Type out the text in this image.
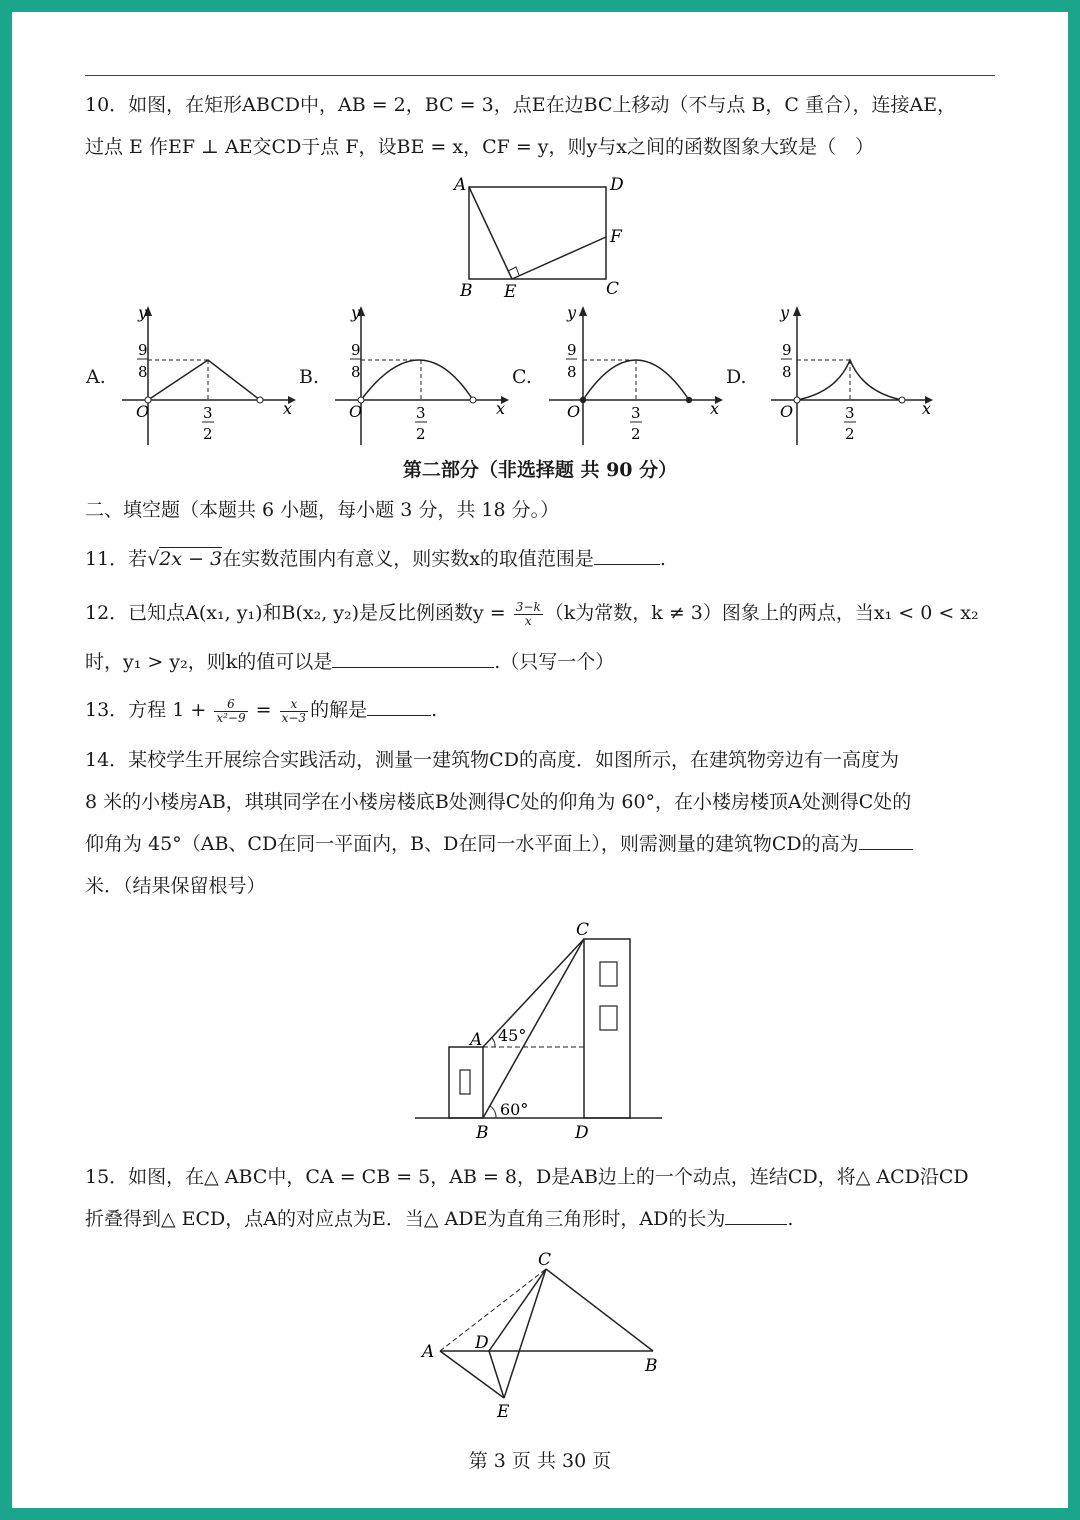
10．如图，在矩形ABCD中，AB = 2，BC = 3，点E在边BC上移动（不与点 B，C 重合），连接AE，
过点 E 作EF ⊥ AE交CD于点 F，设BE = x，CF = y，则y与x之间的函数图象大致是（　）
A	D
F
B E	C
A.	B.	C.	D.
y
x
O
9
8
3
2
y
x
O
9
8
3
2
y
x
O
9
8
3
2
y
x
O
9
8
3
2
第二部分（非选择题 共 90 分）
二、填空题（本题共 6 小题，每小题 3 分，共 18 分。）
11．若√2x − 3在实数范围内有意义，则实数x的取值范围是	.
12．已知点A(x₁, y₁)和B(x₂, y₂)是反比例函数$y = \frac{3-k}{x} (k$为常数，k ≠ 3）图象上的两点，当x₁ < 0 < x₂
时，y₁ > y₂，则k的值可以是	.（只写一个）
13．方程 $1 + \frac{6}{\text{x²−9}} = \frac{x}{x-3}$ 的解是	.
14．某校学生开展综合实践活动，测量一建筑物CD的高度．如图所示，在建筑物旁边有一高度为
8 米的小楼房AB，琪琪同学在小楼房楼底B处测得C处的仰角为 60°，在小楼房楼顶A处测得C处的
仰角为 45°（AB、CD在同一平面内，B、D在同一水平面上），则需测量的建筑物CD的高为
米．（结果保留根号）
C
A 45°
60°
B	D
15．如图，在△ ABC中，CA = CB = 5，AB = 8，D是AB边上的一个动点，连结CD，将△ ACD沿CD
折叠得到△ ECD，点A的对应点为E．当△ ADE为直角三角形时，AD的长为	.
C
A D
B
E
第 3 页 共 30 页
